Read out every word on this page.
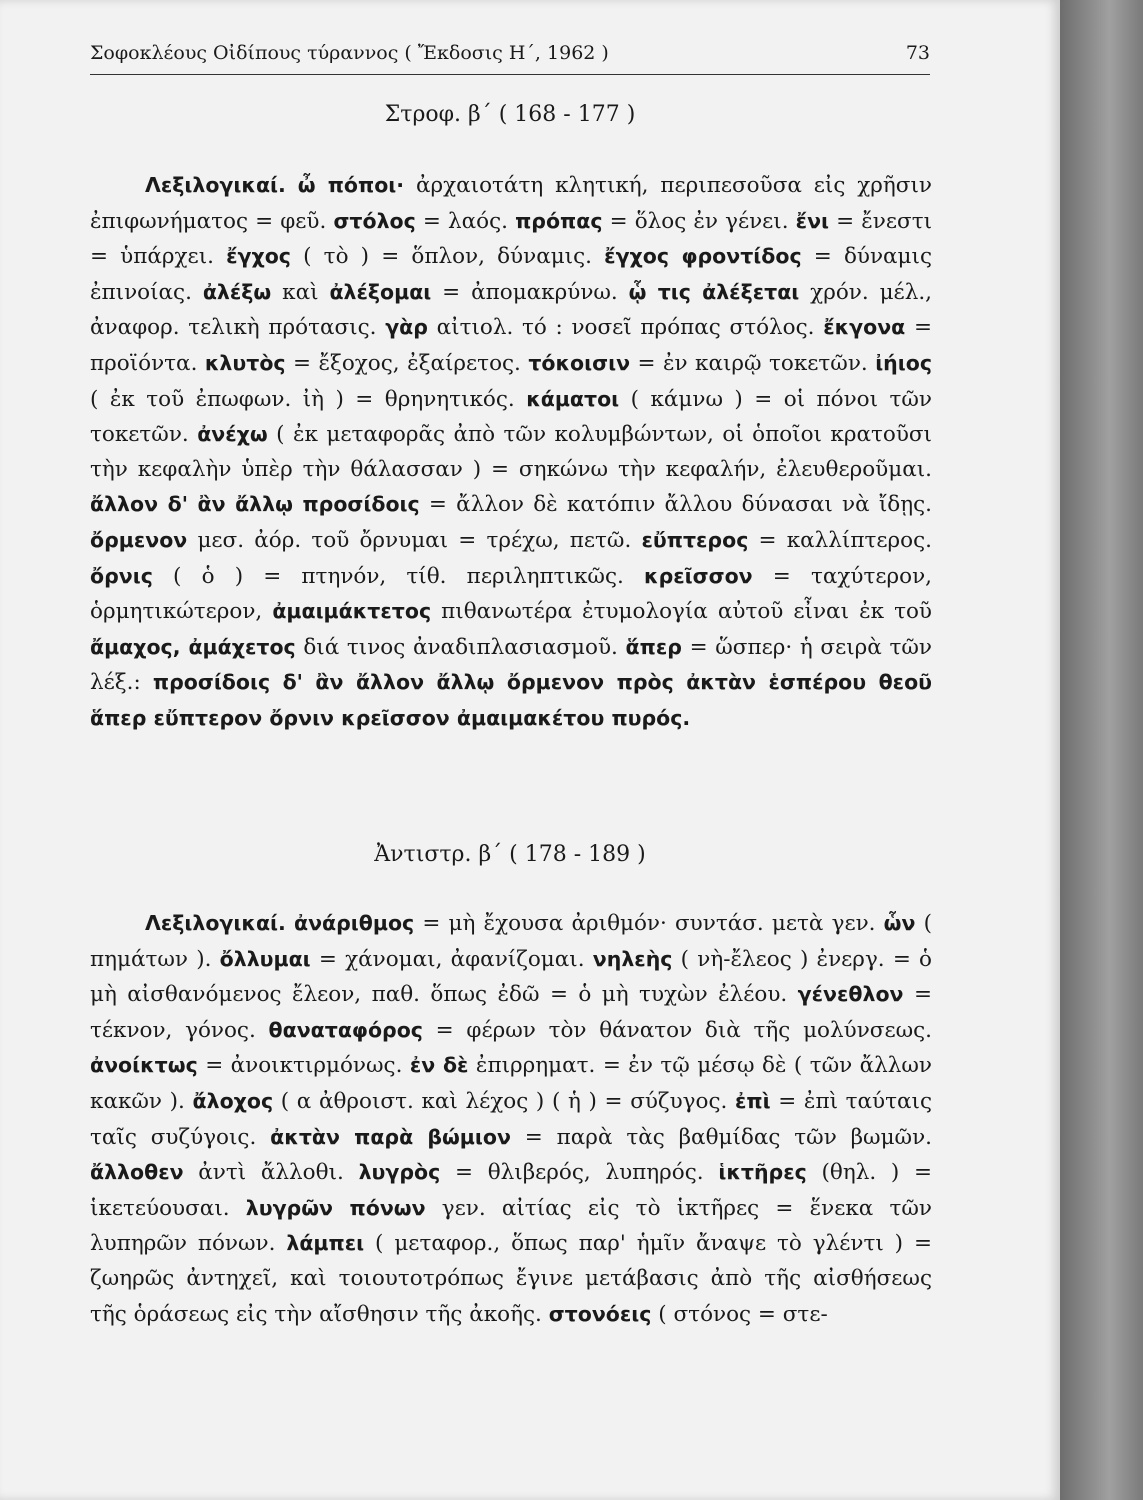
Σοφοκλέους Οἰδίπους τύραννος ( Ἔκδοσις Η΄, 1962 )	73
Στροφ. β΄ ( 168 - 177 )

Λεξιλογικαί. ὦ πόποι· ἀρχαιοτάτη κλητική, περιπεσοῦσα εἰς χρῆσιν ἐπιφωνήματος = φεῦ. στόλος = λαός. πρόπας = ὅλος ἐν γένει. ἔνι = ἔνεστι = ὑπάρχει. ἔγχος ( τὸ ) = ὅπλον, δύναμις. ἔγχος φροντίδος = δύναμις ἐπινοίας. ἀλέξω καὶ ἀλέξομαι = ἀπομακρύνω. ᾧ τις ἀλέξεται χρόν. μέλ., ἀναφορ. τελικὴ πρότασις. γὰρ αἰτιολ. τό : νοσεῖ πρόπας στόλος. ἔκγονα = προϊόντα. κλυτὸς = ἔξοχος, ἐξαίρετος. τόκοισιν = ἐν καιρῷ τοκετῶν. ἰήιος ( ἐκ τοῦ ἐπωφων. ἰὴ ) = θρηνητικός. κάματοι ( κάμνω ) = οἱ πόνοι τῶν τοκετῶν. ἀνέχω ( ἐκ μεταφορᾶς ἀπὸ τῶν κολυμβώντων, οἱ ὁποῖοι κρατοῦσι τὴν κεφαλὴν ὑπὲρ τὴν θάλασσαν ) = σηκώνω τὴν κεφαλήν, ἐλευθεροῦμαι. ἄλλον δ' ἂν ἄλλῳ προσίδοις = ἄλλον δὲ κατόπιν ἄλλου δύνασαι νὰ ἴδῃς. ὄρμενον μεσ. ἀόρ. τοῦ ὄρνυμαι = τρέχω, πετῶ. εὔπτερος = καλλίπτερος. ὄρνις ( ὁ ) = πτηνόν, τίθ. περιληπτικῶς. κρεῖσσον = ταχύτερον, ὁρμητικώτερον, ἀμαιμάκτετος πιθανωτέρα ἐτυμολογία αὐτοῦ εἶναι ἐκ τοῦ ἄμαχος, ἀμάχετος διά τινος ἀναδιπλασιασμοῦ. ἅπερ = ὥσπερ· ἡ σειρὰ τῶν λέξ.: προσίδοις δ' ἂν ἄλλον ἄλλῳ ὄρμενον πρὸς ἀκτὰν ἑσπέρου θεοῦ ἅπερ εὔπτερον ὄρνιν κρεῖσσον ἀμαιμακέτου πυρός.

Ἀντιστρ. β΄ ( 178 - 189 )

Λεξιλογικαί. ἀνάριθμος = μὴ ἔχουσα ἀριθμόν· συντάσ. μετὰ γεν. ὧν ( πημάτων ). ὄλλυμαι = χάνομαι, ἀφανίζομαι. νηλεὴς ( νὴ-ἔλεος ) ἐνεργ. = ὁ μὴ αἰσθανόμενος ἔλεον, παθ. ὅπως ἐδῶ = ὁ μὴ τυχὼν ἐλέου. γένεθλον = τέκνον, γόνος. θαναταφόρος = φέρων τὸν θάνατον διὰ τῆς μολύνσεως. ἀνοίκτως = ἀνοικτιρμόνως. ἐν δὲ ἐπιρρηματ. = ἐν τῷ μέσῳ δὲ ( τῶν ἄλλων κακῶν ). ἄλοχος ( α ἀθροιστ. καὶ λέχος ) ( ἡ ) = σύζυγος. ἐπὶ = ἐπὶ ταύταις ταῖς συζύγοις. ἀκτὰν παρὰ βώμιον = παρὰ τὰς βαθμίδας τῶν βωμῶν. ἄλλοθεν ἀντὶ ἄλλοθι. λυγρὸς = θλιβερός, λυπηρός. ἱκτῆρες (θηλ. ) = ἱκετεύουσαι. λυγρῶν πόνων γεν. αἰτίας εἰς τὸ ἱκτῆρες = ἕνεκα τῶν λυπηρῶν πόνων. λάμπει ( μεταφορ., ὅπως παρ' ἡμῖν ἄναψε τὸ γλέντι ) = ζωηρῶς ἀντηχεῖ, καὶ τοιουτοτρόπως ἔγινε μετάβασις ἀπὸ τῆς αἰσθήσεως τῆς ὁράσεως εἰς τὴν αἴσθησιν τῆς ἀκοῆς. στονόεις ( στόνος = στε-
